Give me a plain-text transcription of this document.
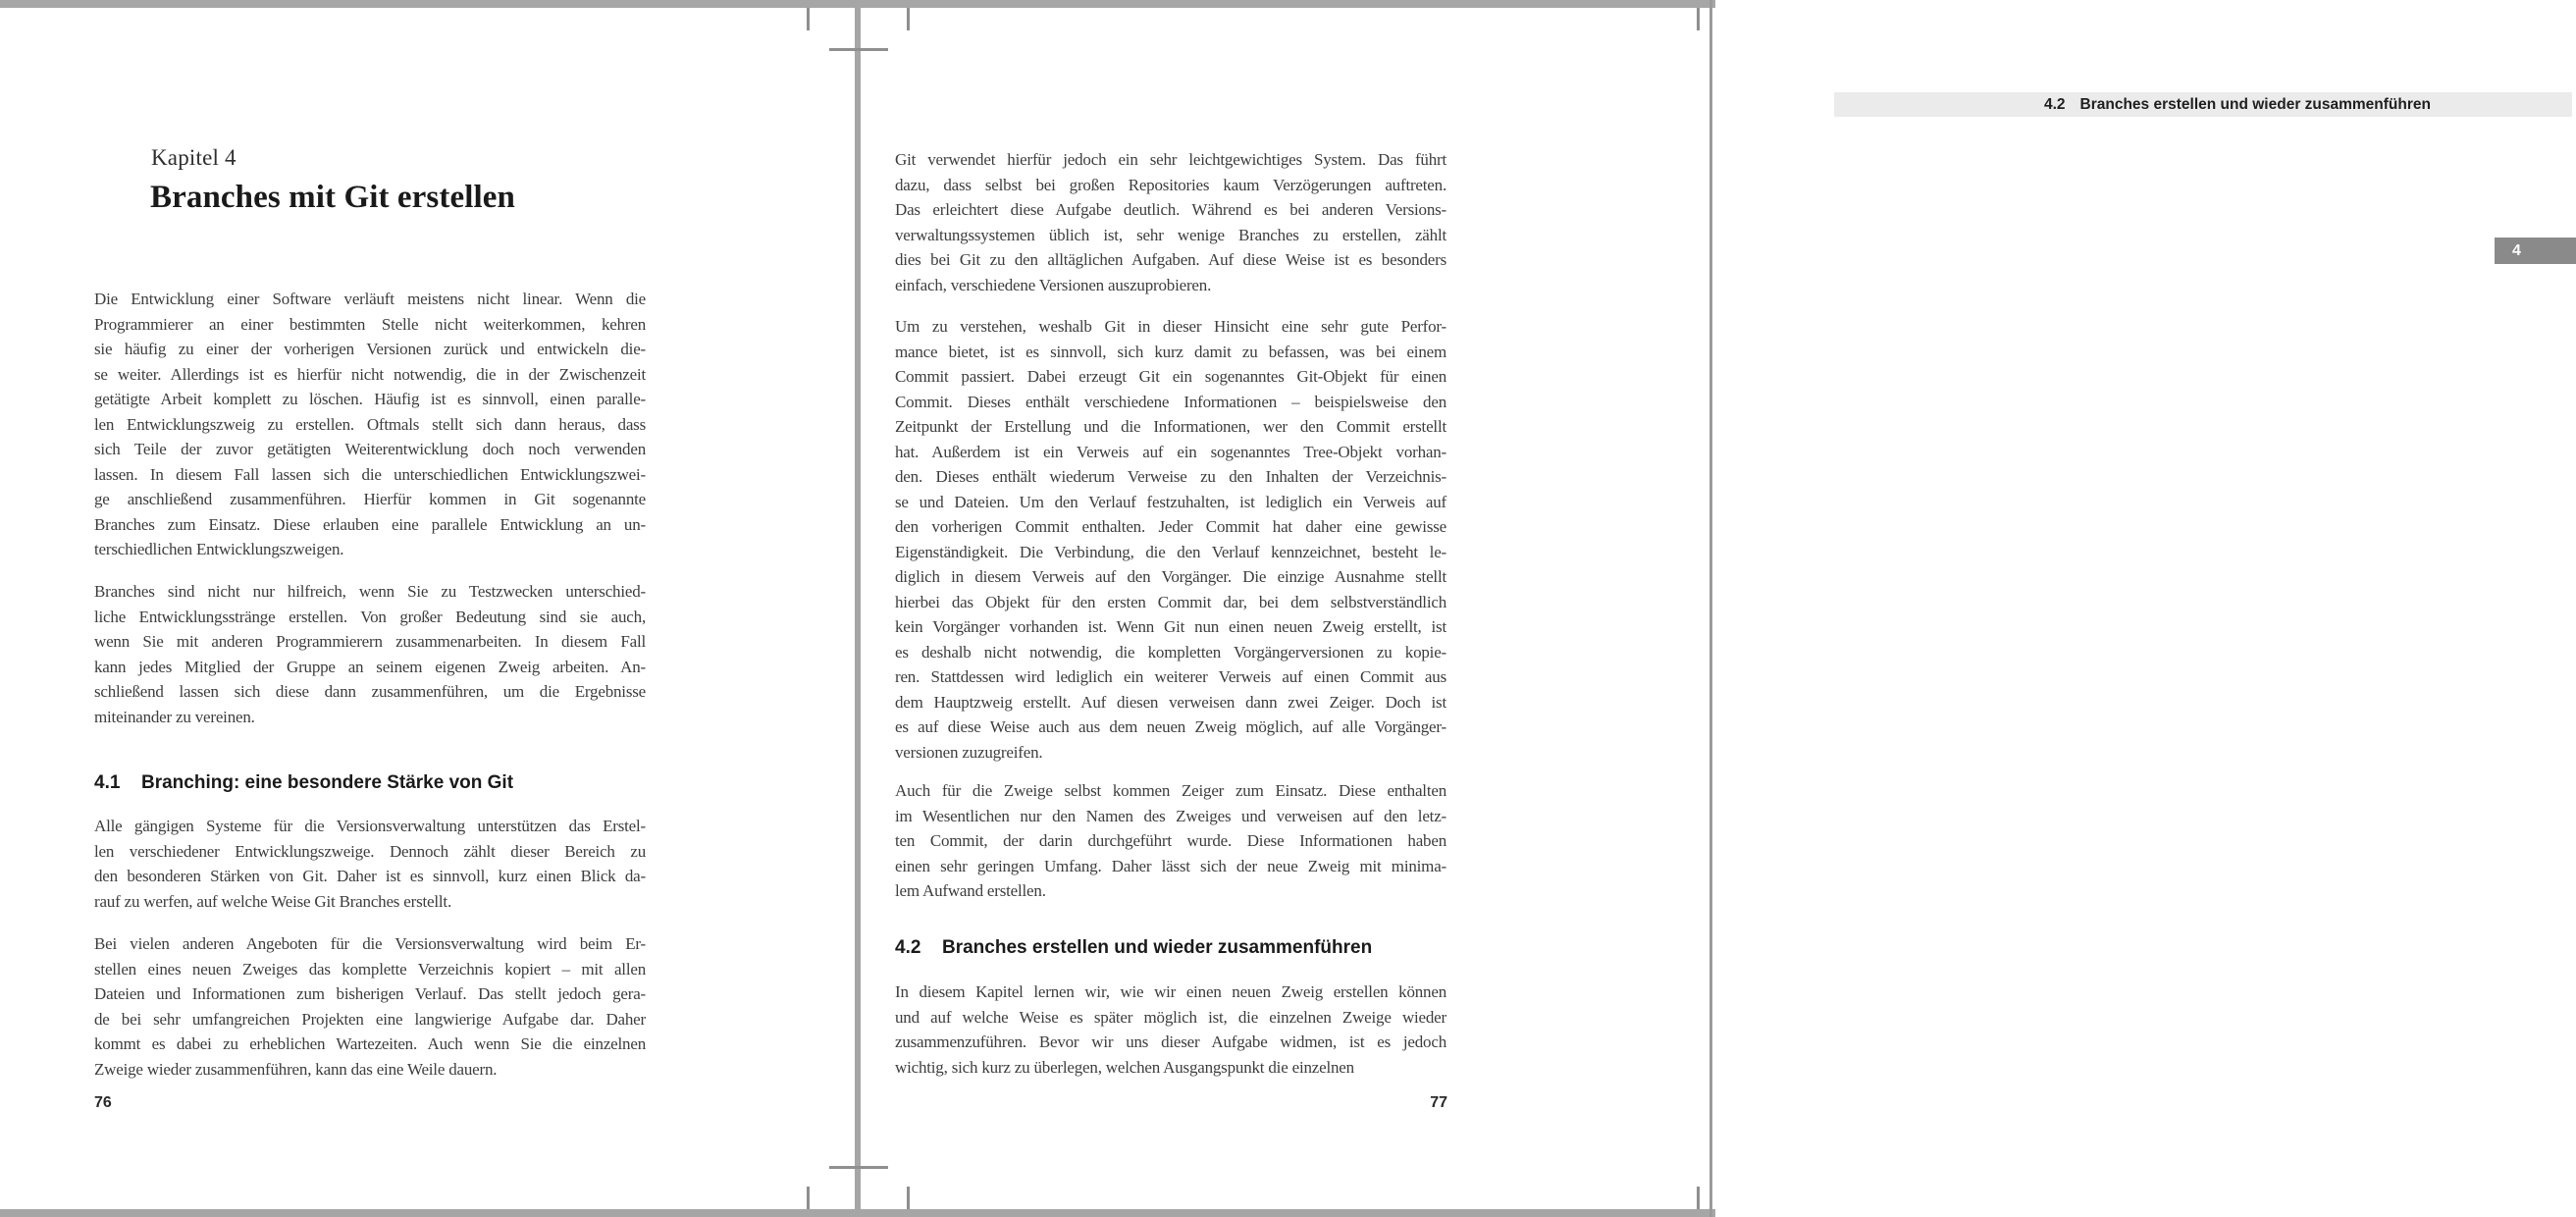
Kapitel 4
Branches mit Git erstellen
Die Entwicklung einer Software verläuft meistens nicht linear. Wenn die
Programmierer an einer bestimmten Stelle nicht weiterkommen, kehren
sie häufig zu einer der vorherigen Versionen zurück und entwickeln die-
se weiter. Allerdings ist es hierfür nicht notwendig, die in der Zwischenzeit
getätigte Arbeit komplett zu löschen. Häufig ist es sinnvoll, einen paralle-
len Entwicklungszweig zu erstellen. Oftmals stellt sich dann heraus, dass
sich Teile der zuvor getätigten Weiterentwicklung doch noch verwenden
lassen. In diesem Fall lassen sich die unterschiedlichen Entwicklungszwei-
ge anschließend zusammenführen. Hierfür kommen in Git sogenannte
Branches zum Einsatz. Diese erlauben eine parallele Entwicklung an un-
terschiedlichen Entwicklungszweigen.
Branches sind nicht nur hilfreich, wenn Sie zu Testzwecken unterschied-
liche Entwicklungsstränge erstellen. Von großer Bedeutung sind sie auch,
wenn Sie mit anderen Programmierern zusammenarbeiten. In diesem Fall
kann jedes Mitglied der Gruppe an seinem eigenen Zweig arbeiten. An-
schließend lassen sich diese dann zusammenführen, um die Ergebnisse
miteinander zu vereinen.
4.1 Branching: eine besondere Stärke von Git
Alle gängigen Systeme für die Versionsverwaltung unterstützen das Erstel-
len verschiedener Entwicklungszweige. Dennoch zählt dieser Bereich zu
den besonderen Stärken von Git. Daher ist es sinnvoll, kurz einen Blick da-
rauf zu werfen, auf welche Weise Git Branches erstellt.
Bei vielen anderen Angeboten für die Versionsverwaltung wird beim Er-
stellen eines neuen Zweiges das komplette Verzeichnis kopiert – mit allen
Dateien und Informationen zum bisherigen Verlauf. Das stellt jedoch gera-
de bei sehr umfangreichen Projekten eine langwierige Aufgabe dar. Daher
kommt es dabei zu erheblichen Wartezeiten. Auch wenn Sie die einzelnen
Zweige wieder zusammenführen, kann das eine Weile dauern.
76
4.2 Branches erstellen und wieder zusammenführen
4
Git verwendet hierfür jedoch ein sehr leichtgewichtiges System. Das führt
dazu, dass selbst bei großen Repositories kaum Verzögerungen auftreten.
Das erleichtert diese Aufgabe deutlich. Während es bei anderen Versions-
verwaltungssystemen üblich ist, sehr wenige Branches zu erstellen, zählt
dies bei Git zu den alltäglichen Aufgaben. Auf diese Weise ist es besonders
einfach, verschiedene Versionen auszuprobieren.
Um zu verstehen, weshalb Git in dieser Hinsicht eine sehr gute Perfor-
mance bietet, ist es sinnvoll, sich kurz damit zu befassen, was bei einem
Commit passiert. Dabei erzeugt Git ein sogenanntes Git-Objekt für einen
Commit. Dieses enthält verschiedene Informationen – beispielsweise den
Zeitpunkt der Erstellung und die Informationen, wer den Commit erstellt
hat. Außerdem ist ein Verweis auf ein sogenanntes Tree-Objekt vorhan-
den. Dieses enthält wiederum Verweise zu den Inhalten der Verzeichnis-
se und Dateien. Um den Verlauf festzuhalten, ist lediglich ein Verweis auf
den vorherigen Commit enthalten. Jeder Commit hat daher eine gewisse
Eigenständigkeit. Die Verbindung, die den Verlauf kennzeichnet, besteht le-
diglich in diesem Verweis auf den Vorgänger. Die einzige Ausnahme stellt
hierbei das Objekt für den ersten Commit dar, bei dem selbstverständlich
kein Vorgänger vorhanden ist. Wenn Git nun einen neuen Zweig erstellt, ist
es deshalb nicht notwendig, die kompletten Vorgängerversionen zu kopie-
ren. Stattdessen wird lediglich ein weiterer Verweis auf einen Commit aus
dem Hauptzweig erstellt. Auf diesen verweisen dann zwei Zeiger. Doch ist
es auf diese Weise auch aus dem neuen Zweig möglich, auf alle Vorgänger-
versionen zuzugreifen.
Auch für die Zweige selbst kommen Zeiger zum Einsatz. Diese enthalten
im Wesentlichen nur den Namen des Zweiges und verweisen auf den letz-
ten Commit, der darin durchgeführt wurde. Diese Informationen haben
einen sehr geringen Umfang. Daher lässt sich der neue Zweig mit minima-
lem Aufwand erstellen.
4.2 Branches erstellen und wieder zusammenführen
In diesem Kapitel lernen wir, wie wir einen neuen Zweig erstellen können
und auf welche Weise es später möglich ist, die einzelnen Zweige wieder
zusammenzuführen. Bevor wir uns dieser Aufgabe widmen, ist es jedoch
wichtig, sich kurz zu überlegen, welchen Ausgangspunkt die einzelnen
77
